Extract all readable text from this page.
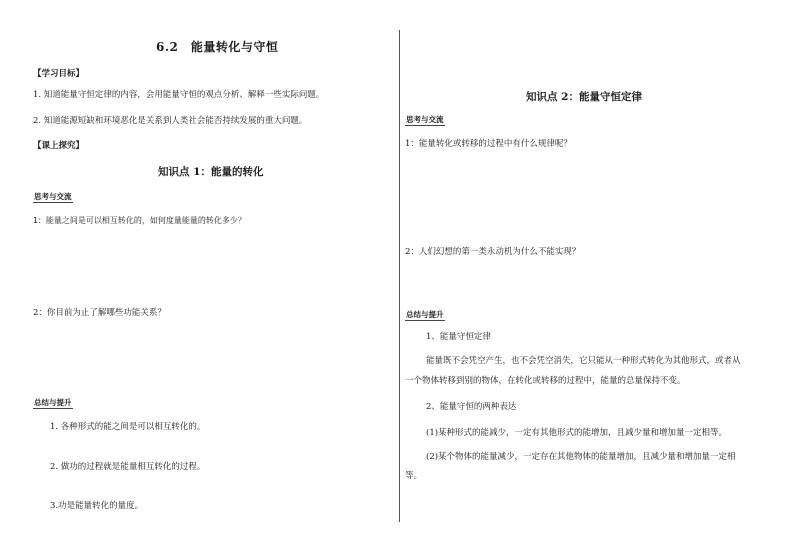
6.2　能量转化与守恒
【学习目标】
1. 知道能量守恒定律的内容，会用能量守恒的观点分析、解释一些实际问题。
2. 知道能源短缺和环境恶化是关系到人类社会能否持续发展的重大问题。
【课上探究】
知识点 1：能量的转化
思考与交流
1：能量之间是可以相互转化的，如何度量能量的转化多少？
2：你目前为止了解哪些功能关系？
总结与提升
1. 各种形式的能之间是可以相互转化的。
2. 做功的过程就是能量相互转化的过程。
3.功是能量转化的量度。
知识点 2：能量守恒定律
思考与交流
1：能量转化或转移的过程中有什么规律呢？
2：人们幻想的第一类永动机为什么不能实现？
总结与提升
1、能量守恒定律
能量既不会凭空产生，也不会凭空消失，它只能从一种形式转化为其他形式，或者从
一个物体转移到别的物体，在转化或转移的过程中，能量的总量保持不变。
2、能量守恒的两种表达
(1)某种形式的能减少，一定有其他形式的能增加，且减少量和增加量一定相等。
(2)某个物体的能量减少，一定存在其他物体的能量增加，且减少量和增加量一定相
等。
